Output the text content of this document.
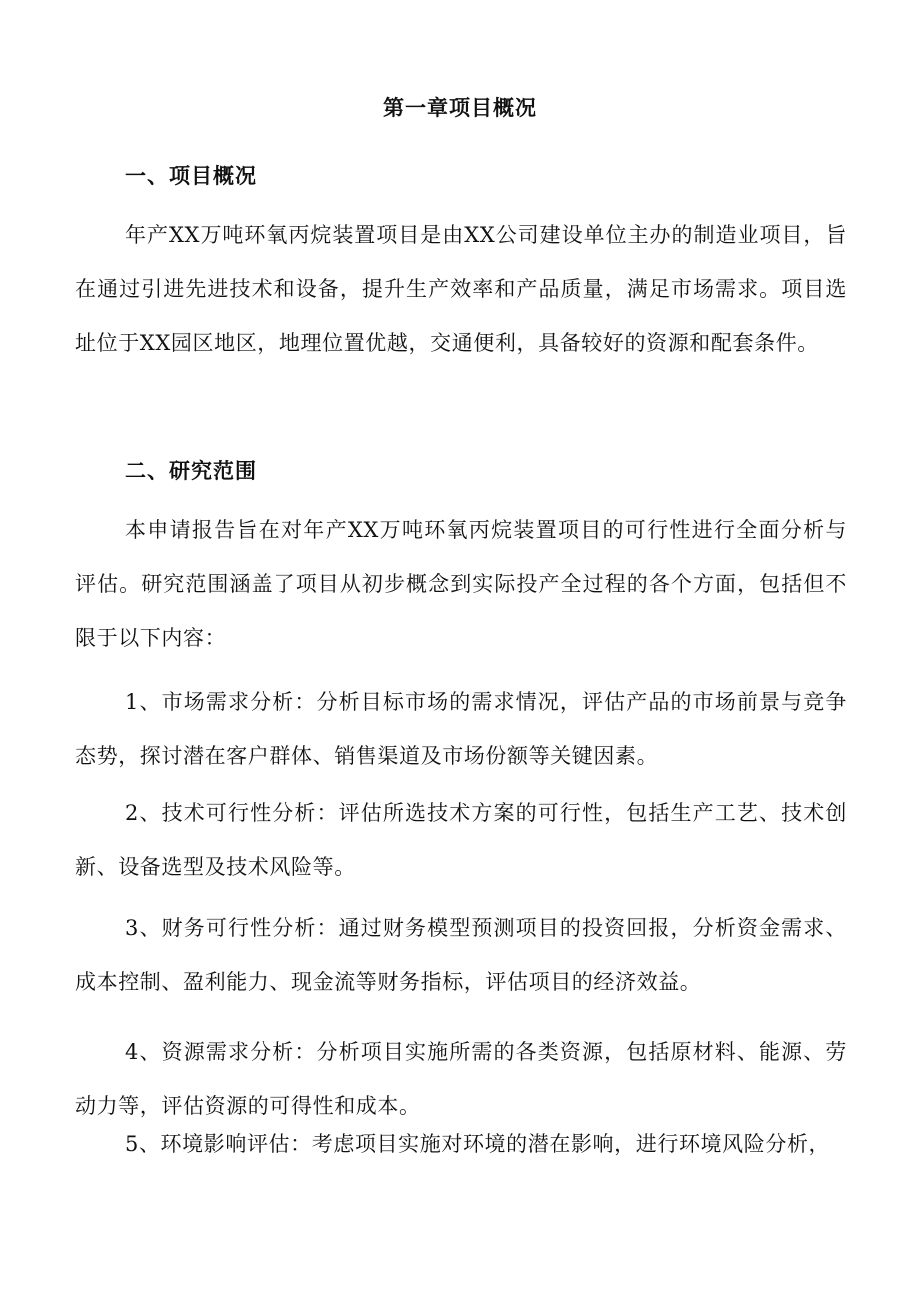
第一章项目概况
一、项目概况

年产XX万吨环氧丙烷装置项目是由XX公司建设单位主办的制造业项目，旨在通过引进先进技术和设备，提升生产效率和产品质量，满足市场需求。项目选址位于XX园区地区，地理位置优越，交通便利，具备较好的资源和配套条件。

二、研究范围

本申请报告旨在对年产XX万吨环氧丙烷装置项目的可行性进行全面分析与评估。研究范围涵盖了项目从初步概念到实际投产全过程的各个方面，包括但不限于以下内容：

1、市场需求分析：分析目标市场的需求情况，评估产品的市场前景与竞争态势，探讨潜在客户群体、销售渠道及市场份额等关键因素。

2、技术可行性分析：评估所选技术方案的可行性，包括生产工艺、技术创新、设备选型及技术风险等。

3、财务可行性分析：通过财务模型预测项目的投资回报，分析资金需求、成本控制、盈利能力、现金流等财务指标，评估项目的经济效益。

4、资源需求分析：分析项目实施所需的各类资源，包括原材料、能源、劳动力等，评估资源的可得性和成本。

5、环境影响评估：考虑项目实施对环境的潜在影响，进行环境风险分析，
